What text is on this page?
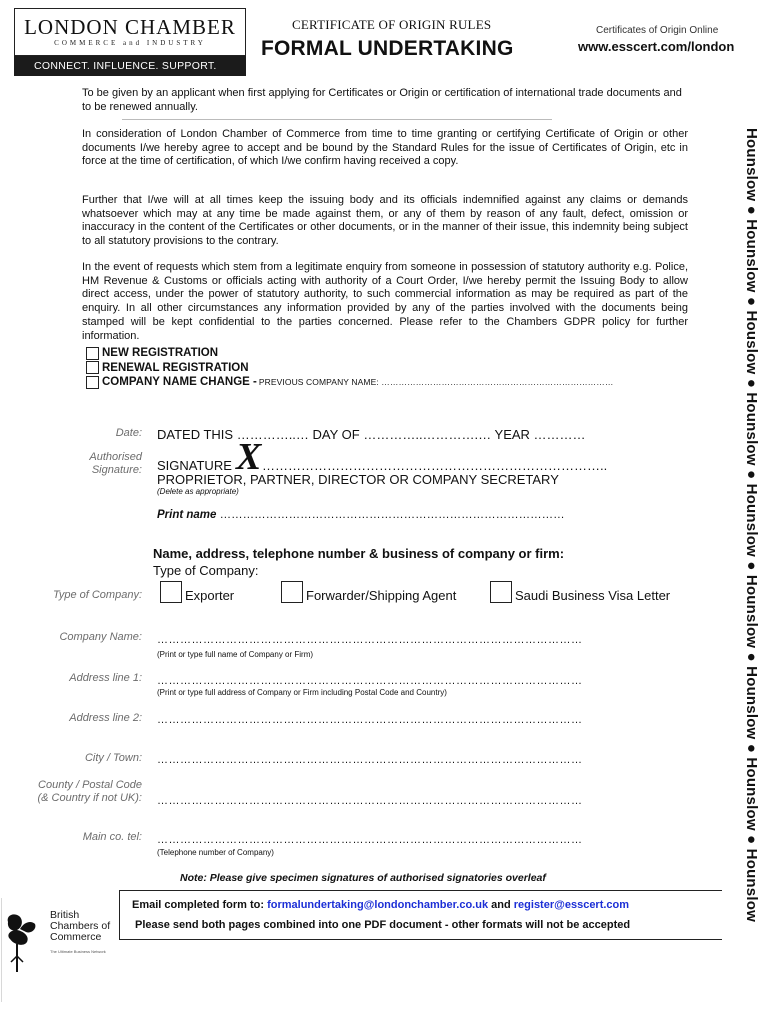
LONDON CHAMBER
COMMERCE and INDUSTRY
CONNECT. INFLUENCE. SUPPORT.
CERTIFICATE OF ORIGIN RULES
FORMAL UNDERTAKING
Certificates of Origin Online
www.esscert.com/london
To be given by an applicant when first applying for Certificates or Origin or certification of international trade documents and to be renewed annually.
In consideration of London Chamber of Commerce from time to time granting or certifying Certificate of Origin or other documents I/we hereby agree to accept and be bound by the Standard Rules for the issue of Certificates of Origin, etc in force at the time of certification, of which I/we confirm having received a copy.
Further that I/we will at all times keep the issuing body and its officials indemnified against any claims or demands whatsoever which may at any time be made against them, or any of them by reason of any fault, defect, omission or inaccuracy in the content of the Certificates or other documents, or in the manner of their issue, this indemnity being subject to all statutory provisions to the contrary.
In the event of requests which stem from a legitimate enquiry from someone in possession of statutory authority e.g. Police, HM Revenue & Customs or officials acting with authority of a Court Order, I/we hereby permit the Issuing Body to allow direct access, under the power of statutory authority, to such commercial information as may be required as part of the enquiry. In all other circumstances any information provided by any of the parties involved with the documents being stamped will be kept confidential to the parties concerned. Please refer to the Chambers GDPR policy for further information.
NEW REGISTRATION
RENEWAL REGISTRATION
COMPANY NAME CHANGE - PREVIOUS COMPANY NAME: ………………………………………………………………………
Date: DATED THIS …………..… DAY OF …………..………….… YEAR …………
Authorised
Signature: SIGNATURE X ……………………………………………………………………..
PROPRIETOR, PARTNER, DIRECTOR OR COMPANY SECRETARY
(Delete as appropriate)
Print name ………………………………………………………………………………
Name, address, telephone number & business of company or firm:
Type of Company:
Type of Company:	Exporter	Forwarder/Shipping Agent	Saudi Business Visa Letter
Company Name: …………………………………………………………………………………………………
(Print or type full name of Company or Firm)
Address line 1: …………………………………………………………………………………………………
(Print or type full address of Company or Firm including Postal Code and Country)
Address line 2: …………………………………………………………………………………………………
City / Town: …………………………………………………………………………………………………
County / Postal Code
(& Country if not UK): …………………………………………………………………………………………………
Main co. tel: …………………………………………………………………………………………………
(Telephone number of Company)
Note: Please give specimen signatures of authorised signatories overleaf
Email completed form to: formalundertaking@londonchamber.co.uk and register@esscert.com
Please send both pages combined into one PDF document - other formats will not be accepted
British
Chambers of
Commerce
The Ultimate Business Network
Hounslow ● Hounslow ● Houslow ● Hounslow ● Hounslow ● Hounslow ● Hounslow ● Hounslow ● Hounslow
